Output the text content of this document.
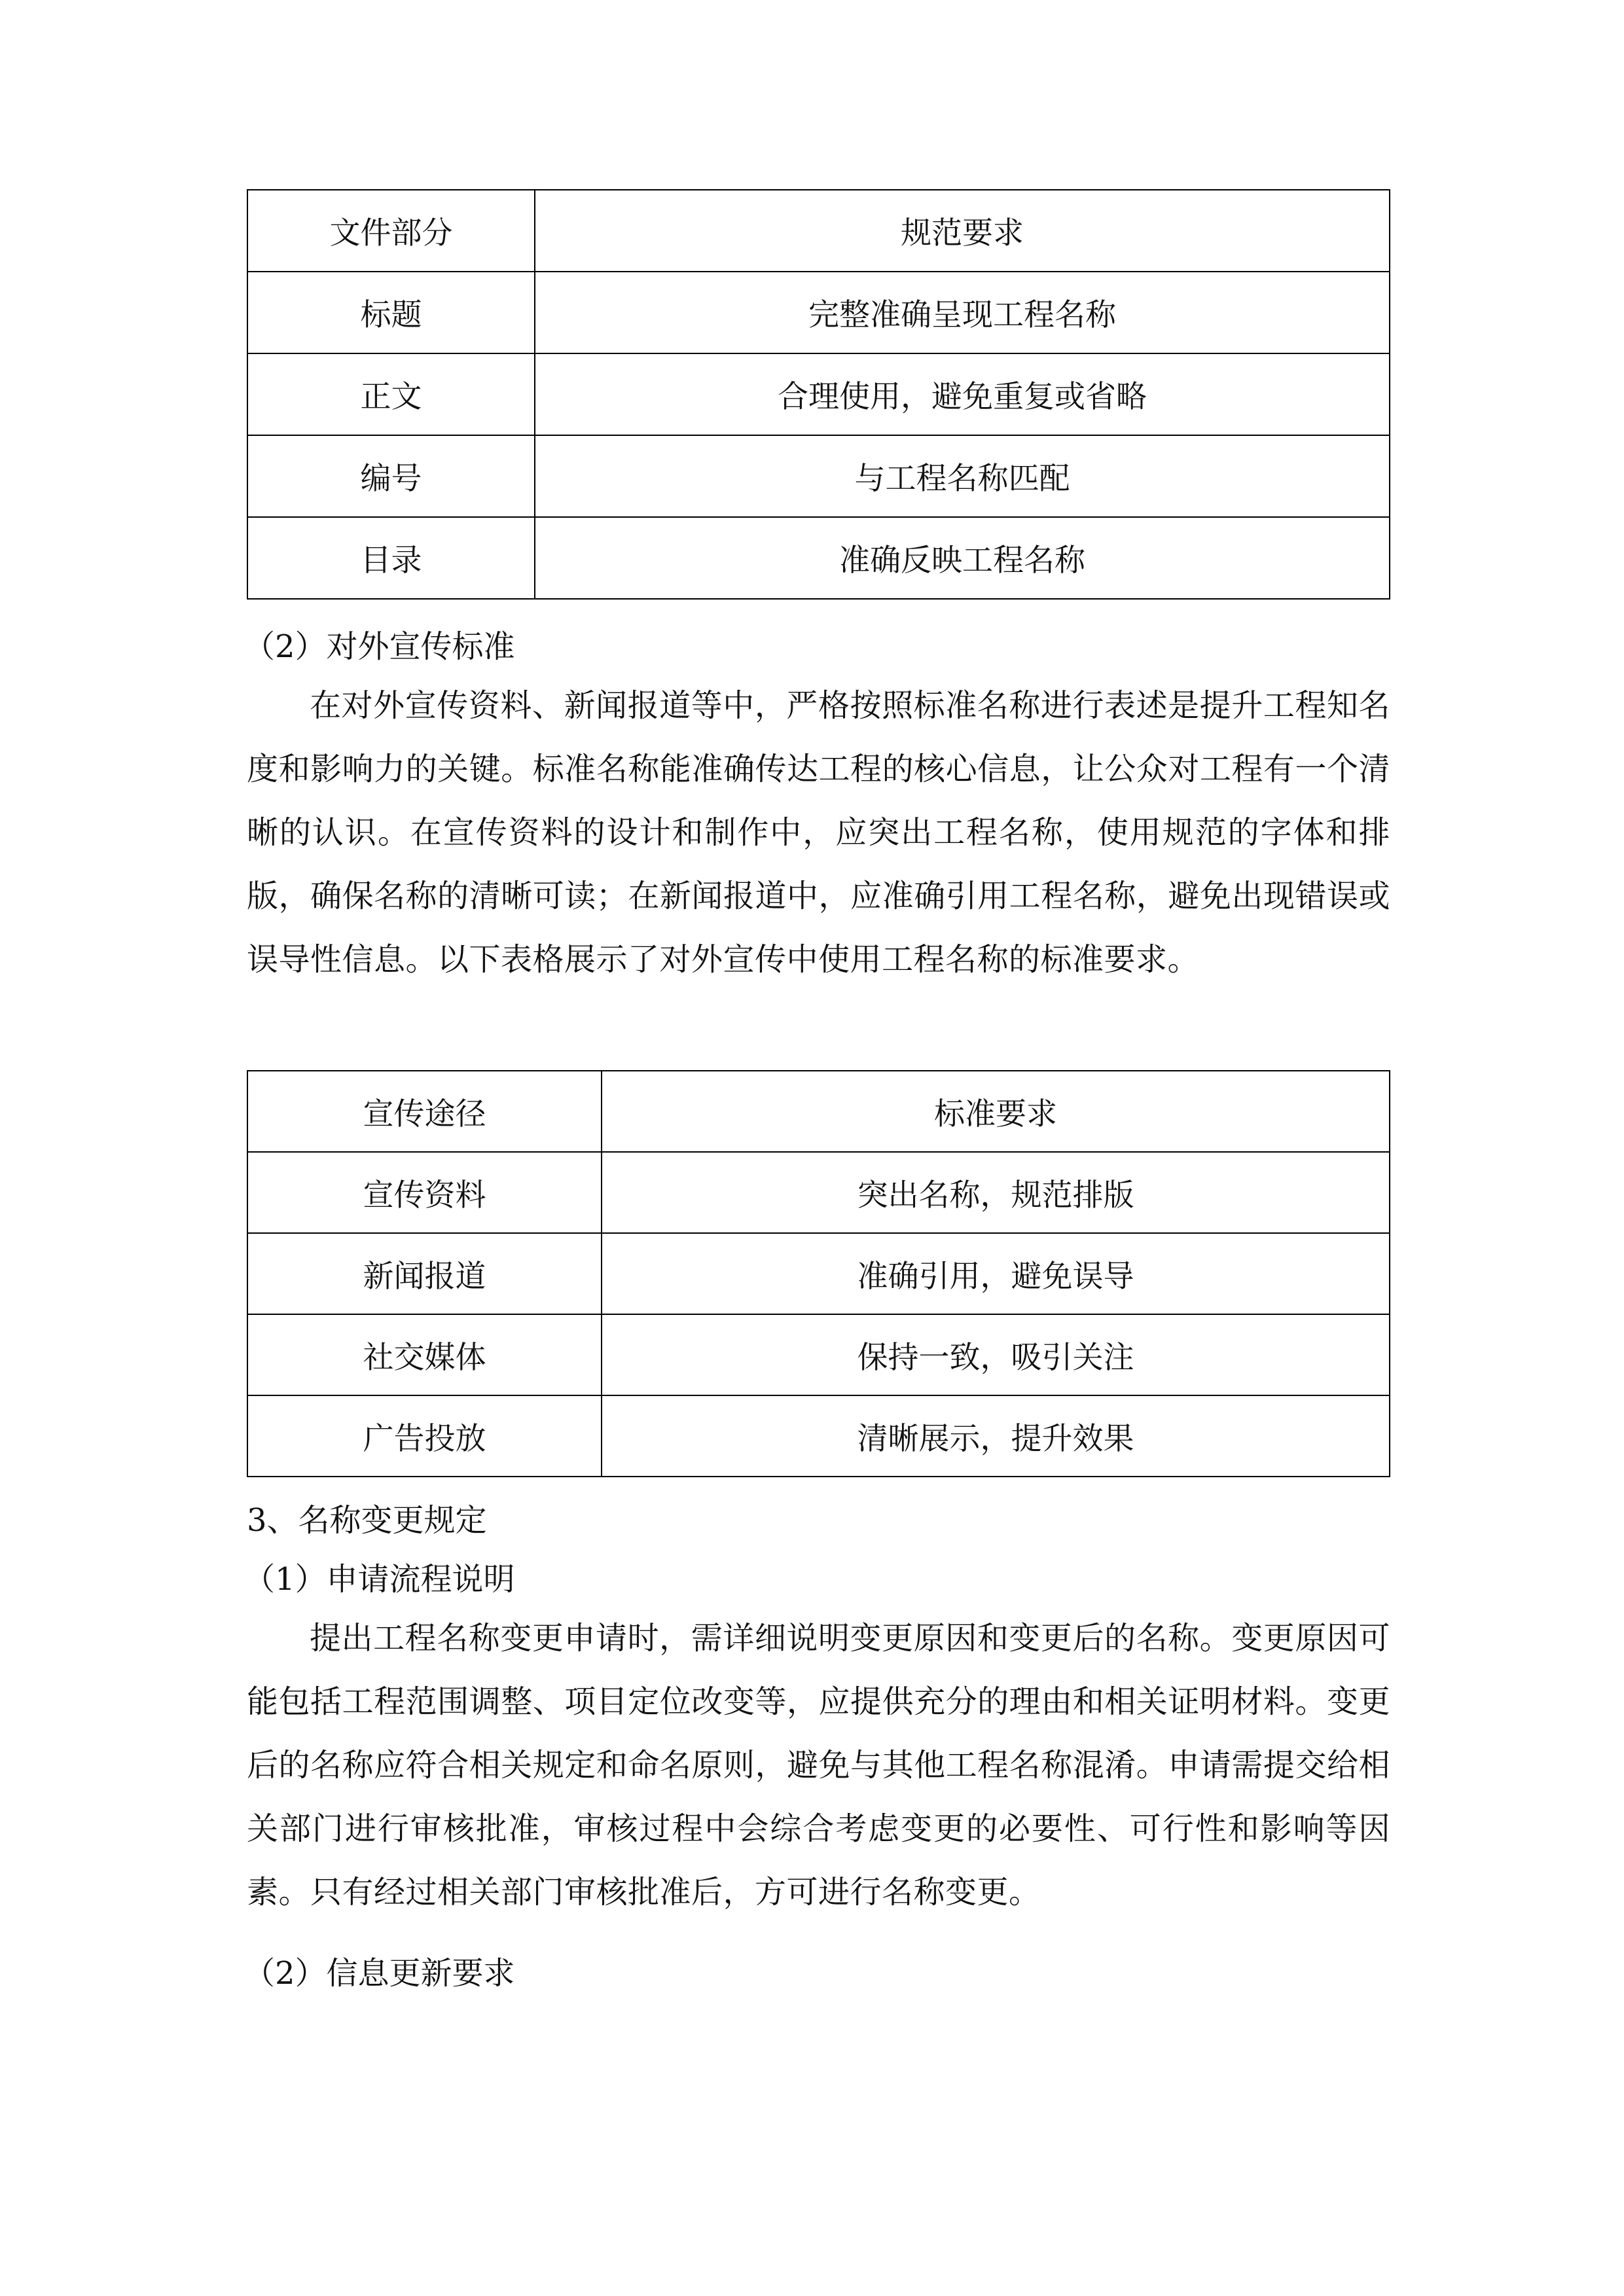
文件部分	规范要求
标题	完整准确呈现工程名称
正文	合理使用，避免重复或省略
编号	与工程名称匹配
目录	准确反映工程名称
（2）对外宣传标准
在对外宣传资料、新闻报道等中，严格按照标准名称进行表述是提升工程知名度和影响力的关键。标准名称能准确传达工程的核心信息，让公众对工程有一个清晰的认识。在宣传资料的设计和制作中，应突出工程名称，使用规范的字体和排版，确保名称的清晰可读；在新闻报道中，应准确引用工程名称，避免出现错误或误导性信息。以下表格展示了对外宣传中使用工程名称的标准要求。
宣传途径	标准要求
宣传资料	突出名称，规范排版
新闻报道	准确引用，避免误导
社交媒体	保持一致，吸引关注
广告投放	清晰展示，提升效果
3、名称变更规定
（1）申请流程说明
提出工程名称变更申请时，需详细说明变更原因和变更后的名称。变更原因可能包括工程范围调整、项目定位改变等，应提供充分的理由和相关证明材料。变更后的名称应符合相关规定和命名原则，避免与其他工程名称混淆。申请需提交给相关部门进行审核批准，审核过程中会综合考虑变更的必要性、可行性和影响等因素。只有经过相关部门审核批准后，方可进行名称变更。
（2）信息更新要求
